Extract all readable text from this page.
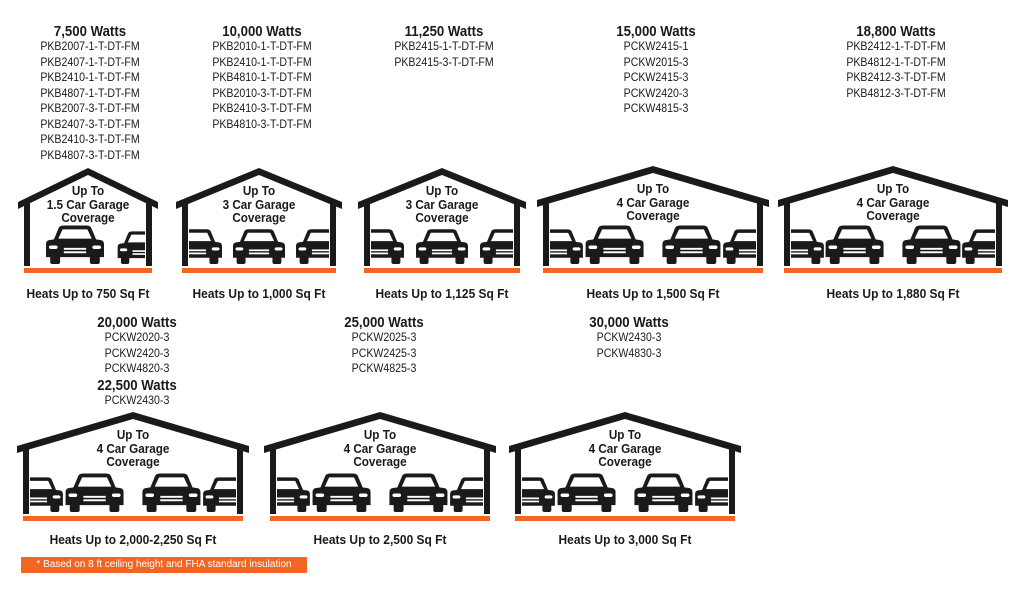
7,500 Watts
PKB2007-1-T-DT-FM
PKB2407-1-T-DT-FM
PKB2410-1-T-DT-FM
PKB4807-1-T-DT-FM
PKB2007-3-T-DT-FM
PKB2407-3-T-DT-FM
PKB2410-3-T-DT-FM
PKB4807-3-T-DT-FM
10,000 Watts
PKB2010-1-T-DT-FM
PKB2410-1-T-DT-FM
PKB4810-1-T-DT-FM
PKB2010-3-T-DT-FM
PKB2410-3-T-DT-FM
PKB4810-3-T-DT-FM
11,250 Watts
PKB2415-1-T-DT-FM
PKB2415-3-T-DT-FM
15,000 Watts
PCKW2415-1
PCKW2015-3
PCKW2415-3
PCKW2420-3
PCKW4815-3
18,800 Watts
PKB2412-1-T-DT-FM
PKB4812-1-T-DT-FM
PKB2412-3-T-DT-FM
PKB4812-3-T-DT-FM
20,000 Watts
PCKW2020-3
PCKW2420-3
PCKW4820-3
22,500 Watts
PCKW2430-3
25,000 Watts
PCKW2025-3
PCKW2425-3
PCKW4825-3
30,000 Watts
PCKW2430-3
PCKW4830-3
Up To
1.5 Car Garage
Coverage
Up To
3 Car Garage
Coverage
Up To
3 Car Garage
Coverage
Up To
4 Car Garage
Coverage
Up To
4 Car Garage
Coverage
Up To
4 Car Garage
Coverage
Up To
4 Car Garage
Coverage
Up To
4 Car Garage
Coverage
Heats Up to 750 Sq Ft	Heats Up to 1,000 Sq Ft	Heats Up to 1,125 Sq Ft	Heats Up to 1,500 Sq Ft	Heats Up to 1,880 Sq Ft
Heats Up to 2,000-2,250 Sq Ft	Heats Up to 2,500 Sq Ft	Heats Up to 3,000 Sq Ft
* Based on 8 ft ceiling height and FHA standard insulation values
